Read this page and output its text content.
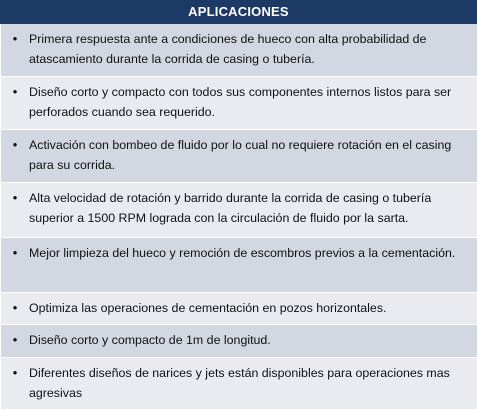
APLICACIONES
• Primera respuesta ante a condiciones de hueco con alta probabilidad de atascamiento durante la corrida de casing o tubería.
• Diseño corto y compacto con todos sus componentes internos listos para ser perforados cuando sea requerido.
• Activación con bombeo de fluido por lo cual no requiere rotación en el casing para su corrida.
• Alta velocidad de rotación y barrido durante la corrida de casing o tubería superior a 1500 RPM lograda con la circulación de fluido por la sarta.
• Mejor limpieza del hueco y remoción de escombros previos a la cementación.
• Optimiza las operaciones de cementación en pozos horizontales.
• Diseño corto y compacto de 1m de longitud.
• Diferentes diseños de narices y jets están disponibles para operaciones mas agresivas
